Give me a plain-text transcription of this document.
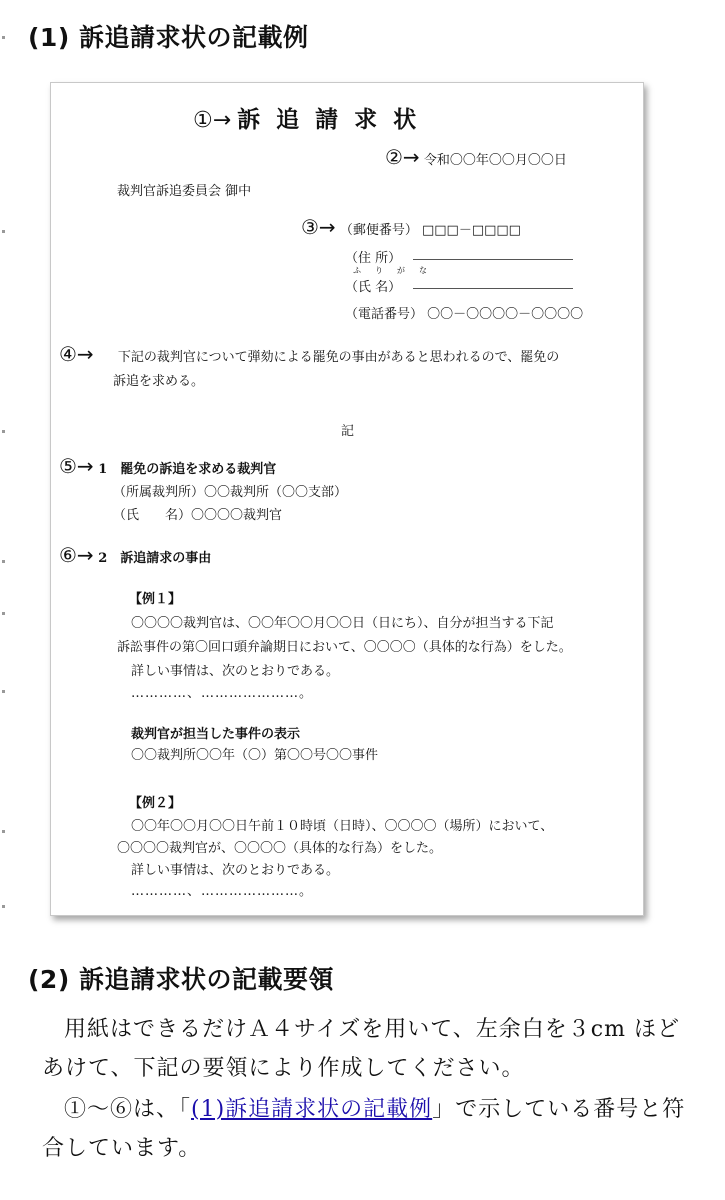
(1) 訴追請求状の記載例
①→ 訴追請求状
②→ 令和〇〇年〇〇月〇〇日
裁判官訴追委員会 御中
③→ （郵便番号） □□□－□□□□
（住 所）
ふりがな
（氏 名）
（電話番号） 〇〇－〇〇〇〇－〇〇〇〇
④→ 下記の裁判官について弾劾による罷免の事由があると思われるので、罷免の
訴追を求める。
記
⑤→ 1　罷免の訴追を求める裁判官
（所属裁判所）〇〇裁判所（〇〇支部）
（氏　　名）〇〇〇〇裁判官
⑥→ 2　訴追請求の事由
【例１】
〇〇〇〇裁判官は、〇〇年〇〇月〇〇日（日にち）、自分が担当する下記
訴訟事件の第〇回口頭弁論期日において、〇〇〇〇（具体的な行為）をした。
詳しい事情は、次のとおりである。
…………、…………………。
裁判官が担当した事件の表示
〇〇裁判所〇〇年（〇）第〇〇号〇〇事件
【例２】
〇〇年〇〇月〇〇日午前１０時頃（日時）、〇〇〇〇（場所）において、
〇〇〇〇裁判官が、〇〇〇〇（具体的な行為）をした。
詳しい事情は、次のとおりである。
…………、…………………。
(2) 訴追請求状の記載要領

用紙はできるだけＡ４サイズを用いて、左余白を３cm ほどあけて、下記の要領により作成してください。

①～⑥は、「(1)訴追請求状の記載例」で示している番号と符合しています。
